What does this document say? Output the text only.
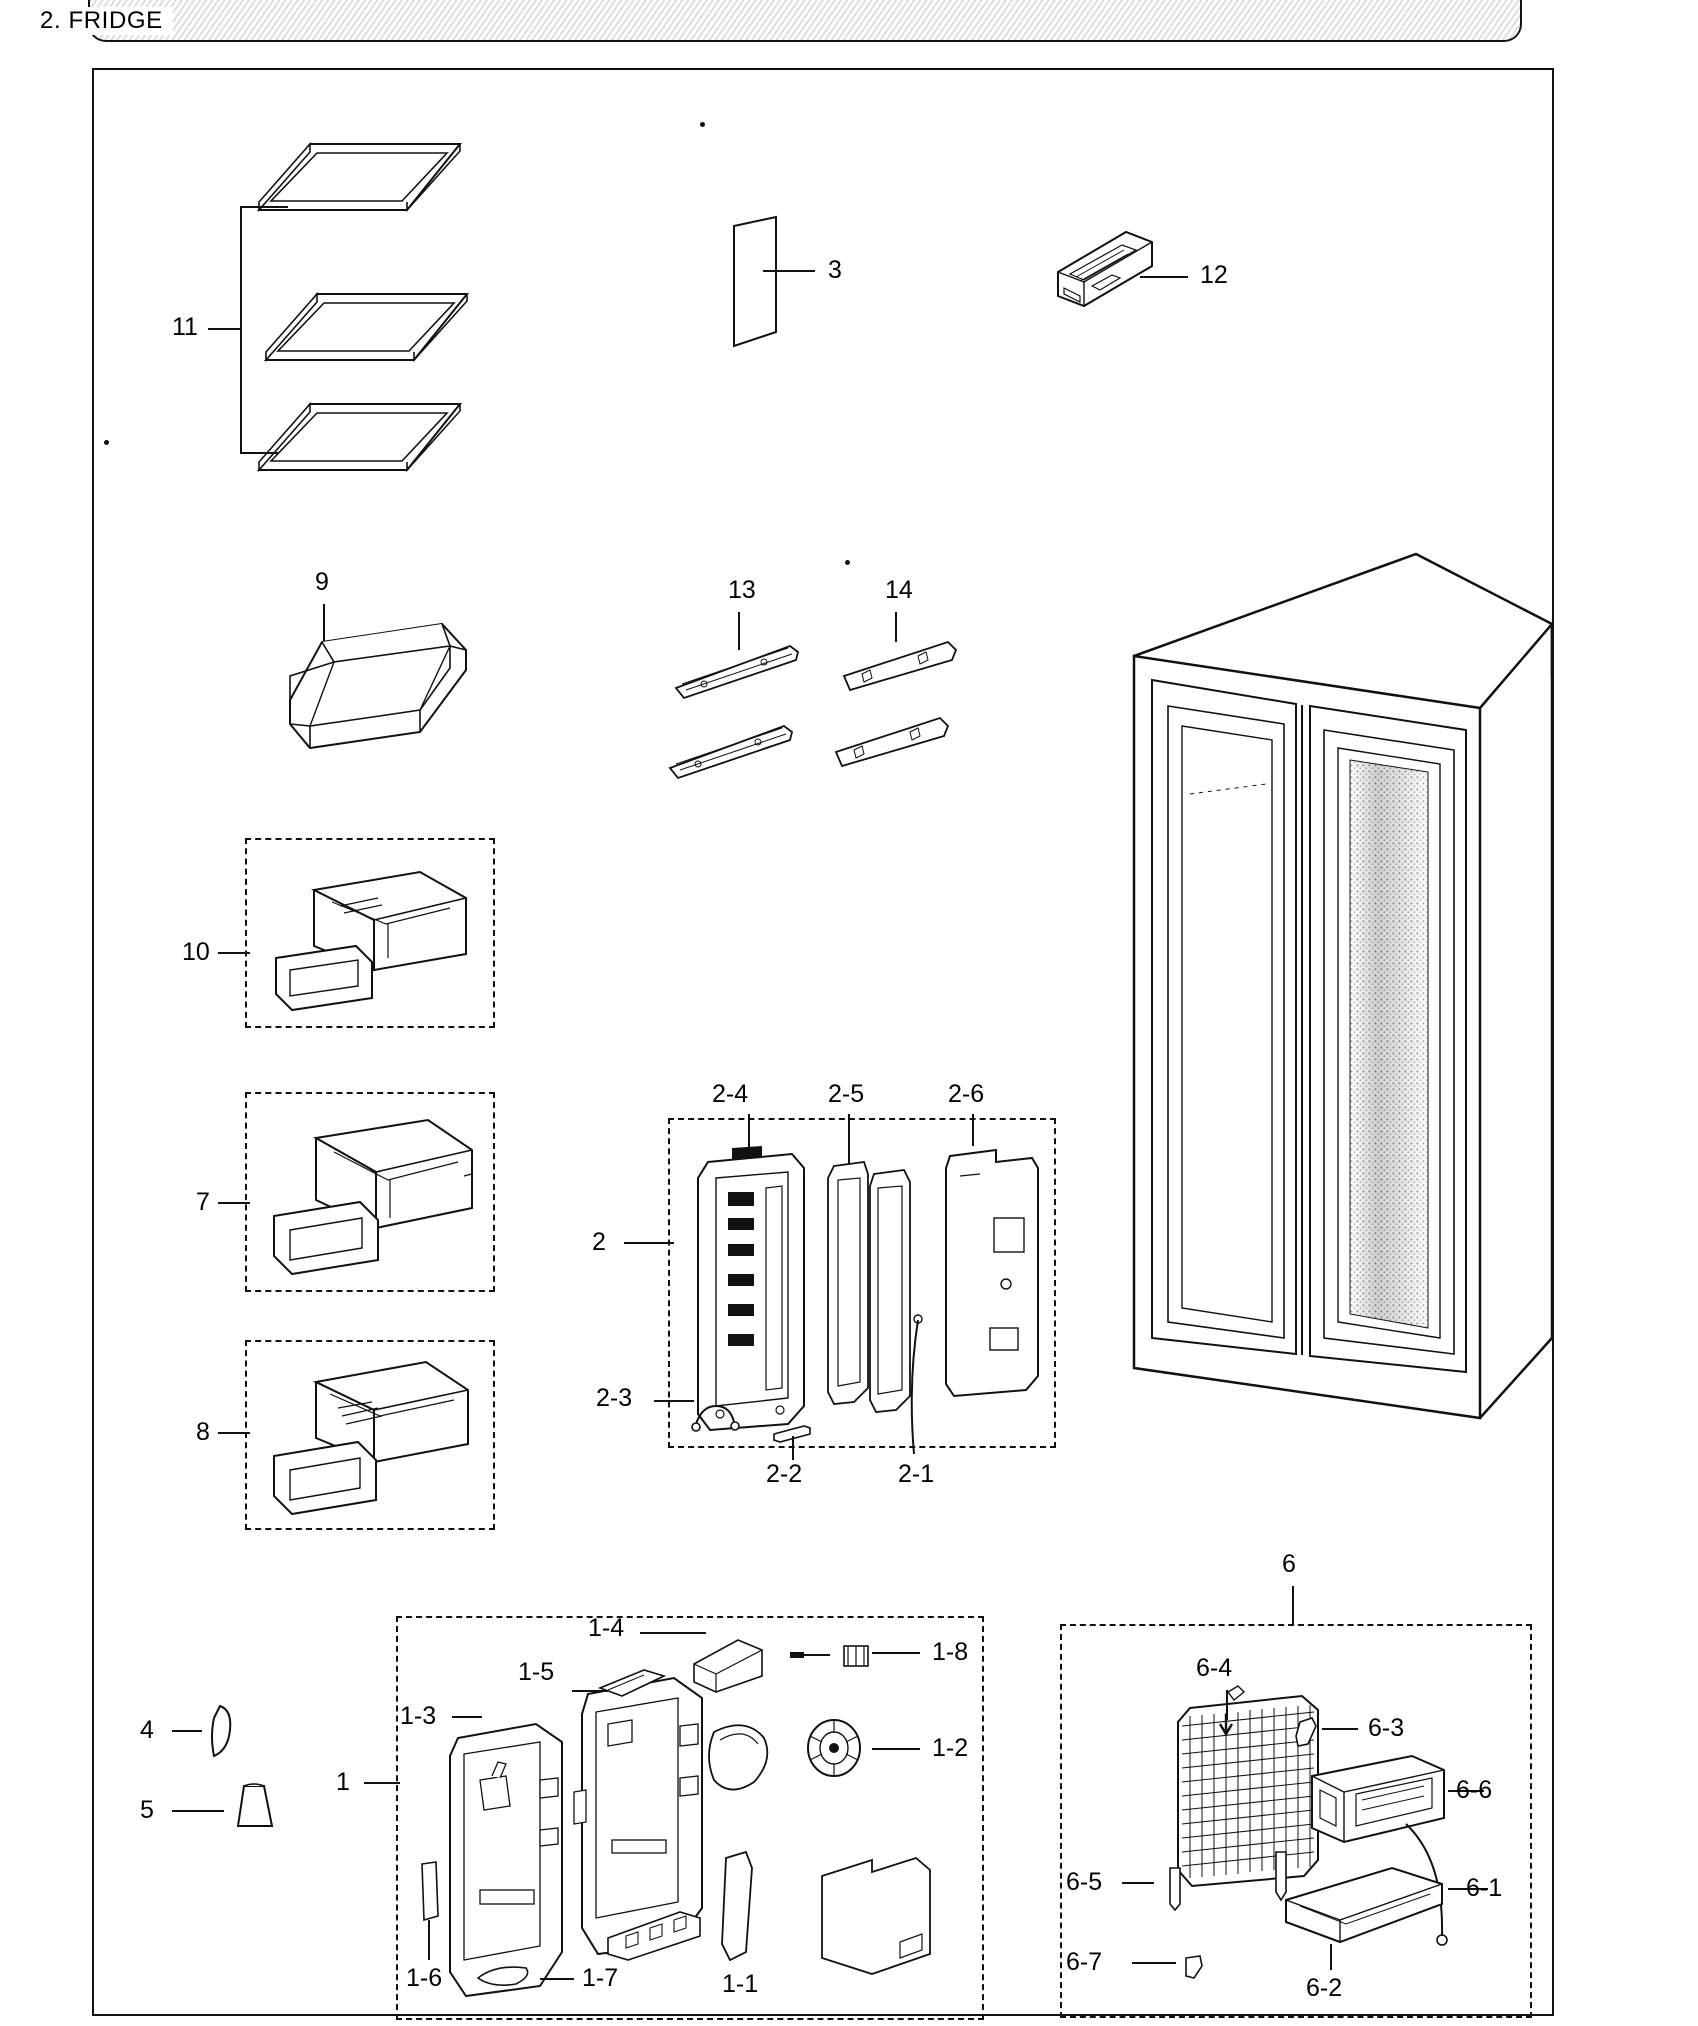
2. FRIDGE
11
3	12
9	13	14
10
7
8
2
2-4	2-5	2-6
2-3
2-2	2-1
4
5
1
1-3
1-5
1-4
1-8
1-2
1-1
1-7
1-6
6
6-4
6-3
6-6
6-1
6-2
6-5
6-7
